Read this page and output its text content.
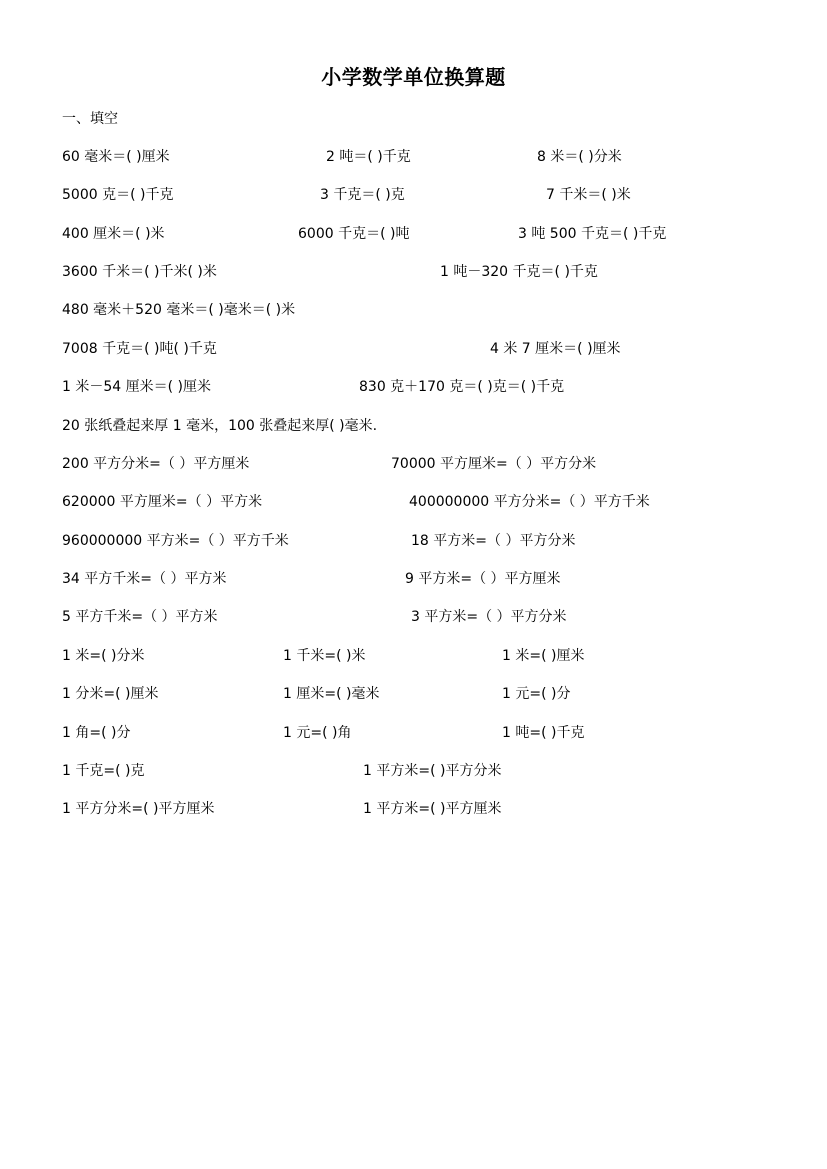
小学数学单位换算题
一、填空
60 毫米＝( )厘米	2 吨＝( )千克	8 米＝( )分米
5000 克＝( )千克	3 千克＝( )克	7 千米＝( )米
400 厘米＝( )米	6000 千克＝( )吨	3 吨 500 千克＝( )千克
3600 千米＝( )千米( )米	1 吨－320 千克＝( )千克
480 毫米＋520 毫米＝( )毫米＝( )米
7008 千克＝( )吨( )千克	4 米 7 厘米＝( )厘米
1 米－54 厘米＝( )厘米	830 克＋170 克＝( )克＝( )千克
20 张纸叠起来厚 1 毫米，100 张叠起来厚( )毫米.
200 平方分米=（ ）平方厘米	70000 平方厘米=（ ）平方分米
620000 平方厘米=（ ）平方米	400000000 平方分米=（ ）平方千米
960000000 平方米=（ ）平方千米	18 平方米=（ ）平方分米
34 平方千米=（ ）平方米	9 平方米=（ ）平方厘米
5 平方千米=（ ）平方米	3 平方米=（ ）平方分米
1 米=( )分米	1 千米=( )米	1 米=( )厘米
1 分米=( )厘米	1 厘米=( )毫米	1 元=( )分
1 角=( )分	1 元=( )角	1 吨=( )千克
1 千克=( )克	1 平方米=( )平方分米
1 平方分米=( )平方厘米	1 平方米=( )平方厘米
